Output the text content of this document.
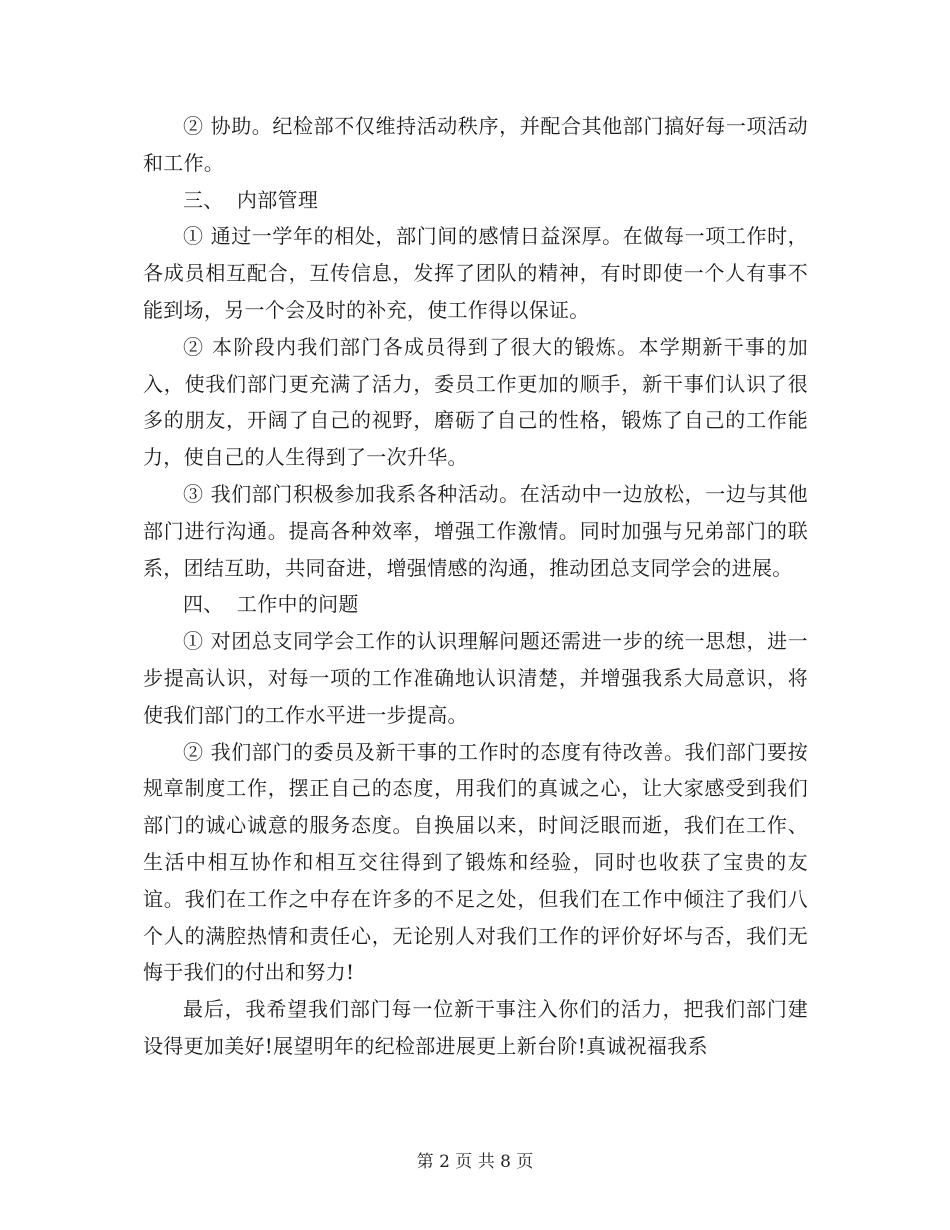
② 协助。纪检部不仅维持活动秩序，并配合其他部门搞好每一项活动和工作。

三、  内部管理

① 通过一学年的相处，部门间的感情日益深厚。在做每一项工作时，各成员相互配合，互传信息，发挥了团队的精神，有时即使一个人有事不能到场，另一个会及时的补充，使工作得以保证。

② 本阶段内我们部门各成员得到了很大的锻炼。本学期新干事的加入，使我们部门更充满了活力，委员工作更加的顺手，新干事们认识了很多的朋友，开阔了自己的视野，磨砺了自己的性格，锻炼了自己的工作能力，使自己的人生得到了一次升华。

③ 我们部门积极参加我系各种活动。在活动中一边放松，一边与其他部门进行沟通。提高各种效率，增强工作激情。同时加强与兄弟部门的联系，团结互助，共同奋进，增强情感的沟通，推动团总支同学会的进展。

四、  工作中的问题

① 对团总支同学会工作的认识理解问题还需进一步的统一思想，进一步提高认识，对每一项的工作准确地认识清楚，并增强我系大局意识，将使我们部门的工作水平进一步提高。

② 我们部门的委员及新干事的工作时的态度有待改善。我们部门要按规章制度工作，摆正自己的态度，用我们的真诚之心，让大家感受到我们部门的诚心诚意的服务态度。自换届以来，时间泛眼而逝，我们在工作、生活中相互协作和相互交往得到了锻炼和经验，同时也收获了宝贵的友谊。我们在工作之中存在许多的不足之处，但我们在工作中倾注了我们八个人的满腔热情和责任心，无论别人对我们工作的评价好坏与否，我们无悔于我们的付出和努力!

最后，我希望我们部门每一位新干事注入你们的活力，把我们部门建设得更加美好!展望明年的纪检部进展更上新台阶!真诚祝福我系

第 2 页 共 8 页
